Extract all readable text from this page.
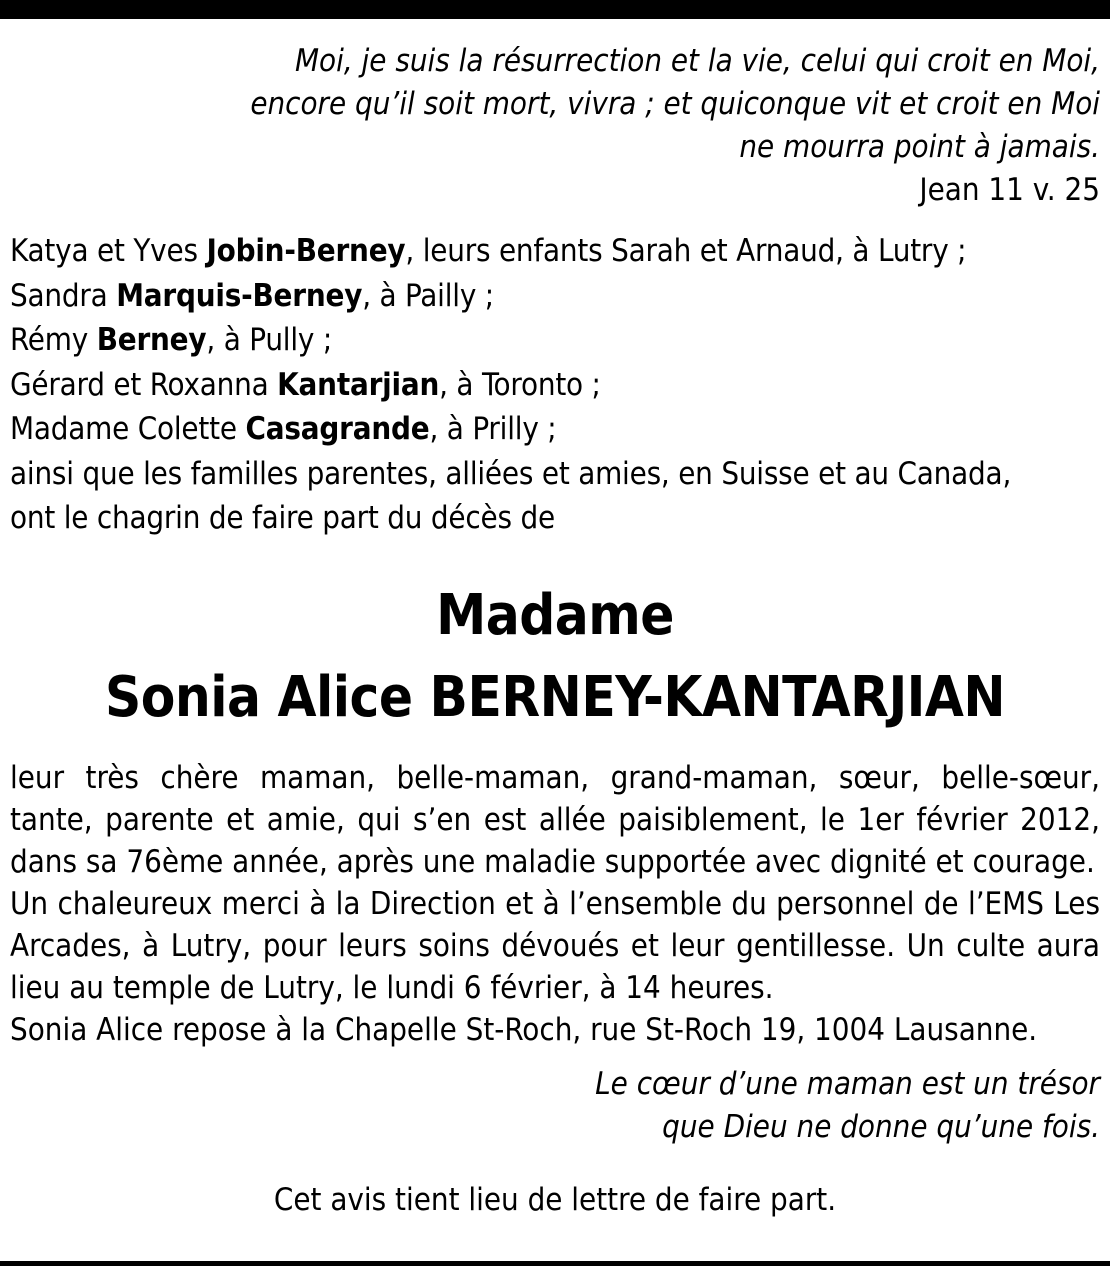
Moi, je suis la résurrection et la vie, celui qui croit en Moi,
encore qu’il soit mort, vivra ; et quiconque vit et croit en Moi
ne mourra point à jamais.
Jean 11 v. 25
Katya et Yves Jobin-Berney, leurs enfants Sarah et Arnaud, à Lutry ;
Sandra Marquis-Berney, à Pailly ;
Rémy Berney, à Pully ;
Gérard et Roxanna Kantarjian, à Toronto ;
Madame Colette Casagrande, à Prilly ;
ainsi que les familles parentes, alliées et amies, en Suisse et au Canada,
ont le chagrin de faire part du décès de
Madame
Sonia Alice BERNEY-KANTARJIAN

leur très chère maman, belle-maman, grand-maman, sœur, belle-sœur, tante, parente et amie, qui s’en est allée paisiblement, le 1er février 2012, dans sa 76ème année, après une maladie supportée avec dignité et courage.

Un chaleureux merci à la Direction et à l’ensemble du personnel de l’EMS Les Arcades, à Lutry, pour leurs soins dévoués et leur gentillesse. Un culte aura lieu au temple de Lutry, le lundi 6 février, à 14 heures.

Sonia Alice repose à la Chapelle St-Roch, rue St-Roch 19, 1004 Lausanne.

Le cœur d’une maman est un trésor
que Dieu ne donne qu’une fois.
Cet avis tient lieu de lettre de faire part.
